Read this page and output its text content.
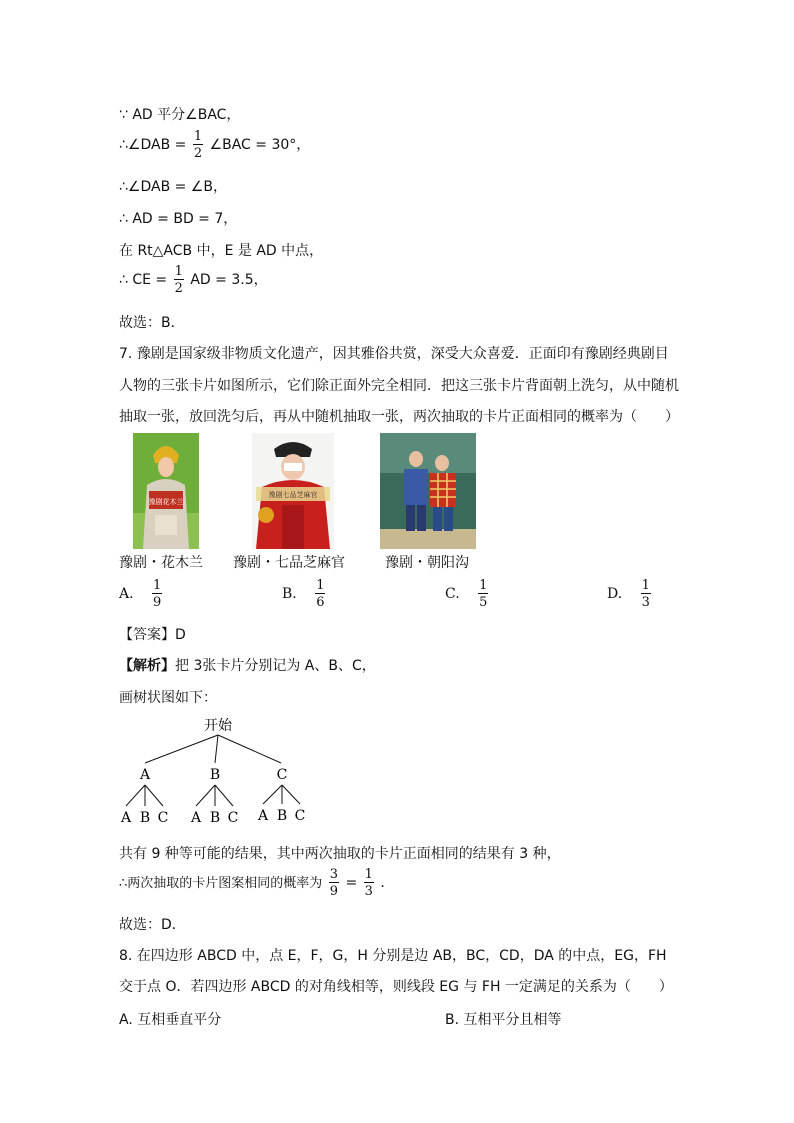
∵ AD 平分∠BAC，
∴∠DAB = $\frac{1}{2}$ ∠BAC = 30°，
∴∠DAB = ∠B，
∴ AD = BD = 7，
在 Rt△ACB 中，E 是 AD 中点，
∴ CE = $\frac{1}{2}$ AD = 3.5，
故选：B．
7. 豫剧是国家级非物质文化遗产，因其雅俗共赏，深受大众喜爱．正面印有豫剧经典剧目
人物的三张卡片如图所示，它们除正面外完全相同．把这三张卡片背面朝上洗匀，从中随机
抽取一张，放回洗匀后，再从中随机抽取一张，两次抽取的卡片正面相同的概率为（　　）
豫剧花木兰
豫剧七品芝麻官
豫剧・花木兰 豫剧・七品芝麻官	豫剧・朝阳沟
A. $\frac{1}{9}$	B. $\frac{1}{6}$	C. $\frac{1}{5}$	D. $\frac{1}{3}$
【答案】D
【解析】把 3张卡片分别记为 A、B、C，
画树状图如下：
开始
A	B	C
A B C A B C A B C
共有 9 种等可能的结果，其中两次抽取的卡片正面相同的结果有 3 种，
∴两次抽取的卡片图案相同的概率为 $\frac{3}{9} = \frac{1}{3}$ ．
故选：D．
8. 在四边形 ABCD 中，点 E，F，G，H 分别是边 AB，BC，CD，DA 的中点，EG，FH
交于点 O．若四边形 ABCD 的对角线相等，则线段 EG 与 FH 一定满足的关系为（　　）
A. 互相垂直平分	B. 互相平分且相等
